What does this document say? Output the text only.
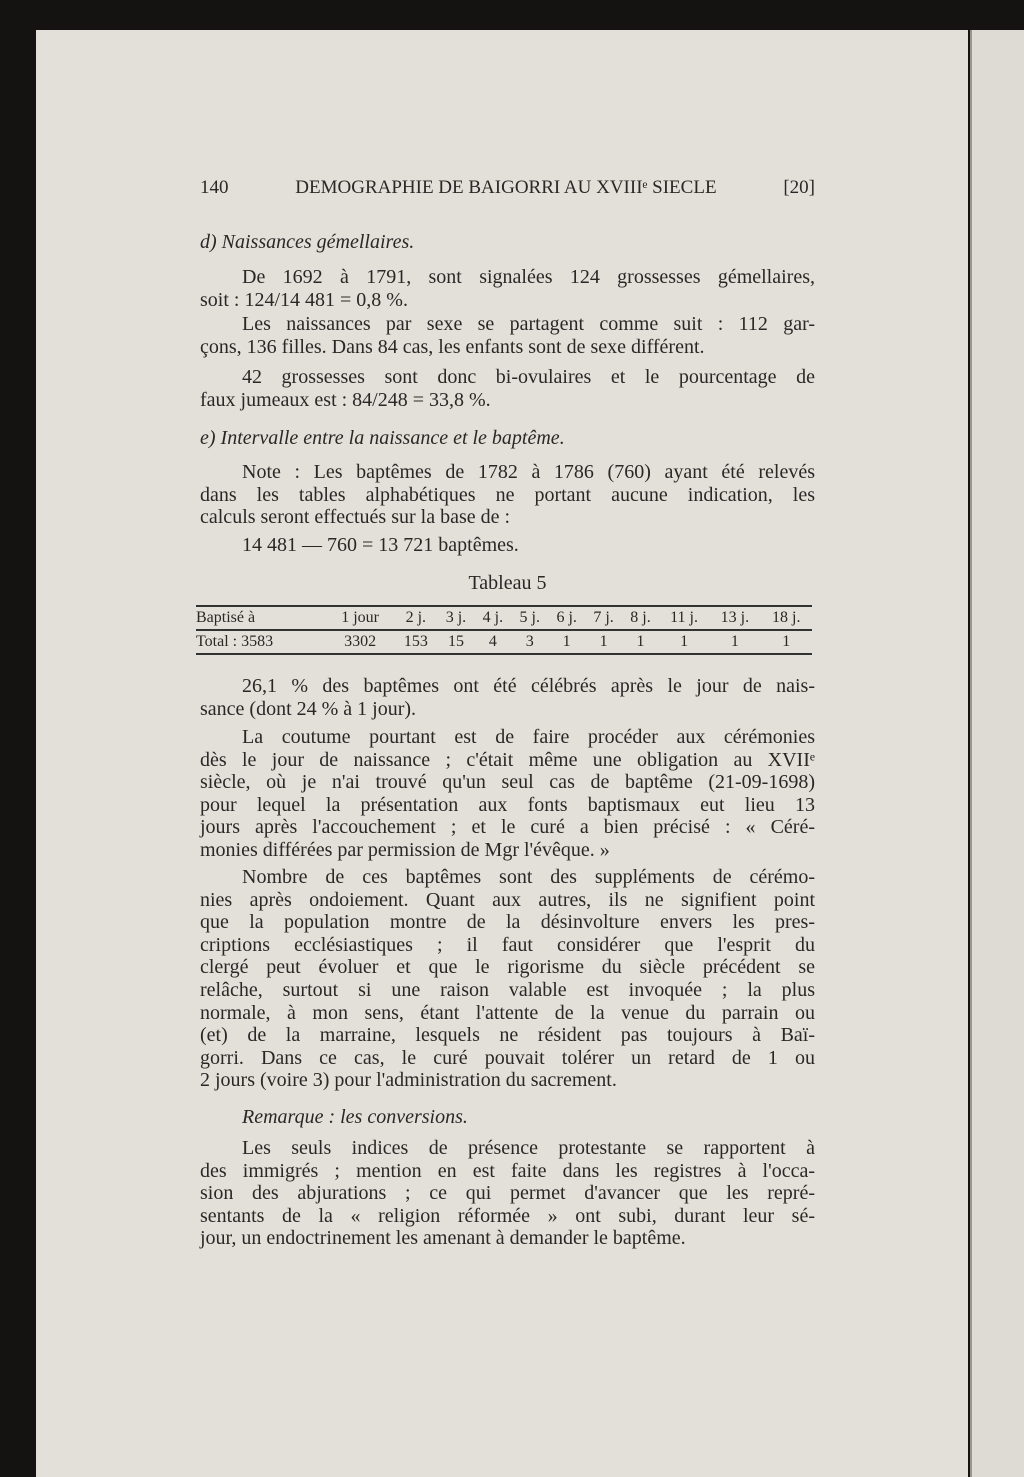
140	DEMOGRAPHIE DE BAIGORRI AU XVIIIᵉ SIECLE	[20]
d) Naissances gémellaires.
De 1692 à 1791, sont signalées 124 grossesses gémellaires,
soit : 124/14 481 = 0,8 %.
Les naissances par sexe se partagent comme suit : 112 gar-
çons, 136 filles. Dans 84 cas, les enfants sont de sexe différent.
42 grossesses sont donc bi-ovulaires et le pourcentage de
faux jumeaux est : 84/248 = 33,8 %.
e) Intervalle entre la naissance et le baptême.
Note : Les baptêmes de 1782 à 1786 (760) ayant été relevés
dans les tables alphabétiques ne portant aucune indication, les
calculs seront effectués sur la base de :
14 481 — 760 = 13 721 baptêmes.
26,1 % des baptêmes ont été célébrés après le jour de nais-
sance (dont 24 % à 1 jour).
La coutume pourtant est de faire procéder aux cérémonies
dès le jour de naissance ; c'était même une obligation au XVIIᵉ
siècle, où je n'ai trouvé qu'un seul cas de baptême (21-09-1698)
pour lequel la présentation aux fonts baptismaux eut lieu 13
jours après l'accouchement ; et le curé a bien précisé : « Céré-
monies différées par permission de Mgr l'évêque. »
Nombre de ces baptêmes sont des suppléments de cérémo-
nies après ondoiement. Quant aux autres, ils ne signifient point
que la population montre de la désinvolture envers les pres-
criptions ecclésiastiques ; il faut considérer que l'esprit du
clergé peut évoluer et que le rigorisme du siècle précédent se
relâche, surtout si une raison valable est invoquée ; la plus
normale, à mon sens, étant l'attente de la venue du parrain ou
(et) de la marraine, lesquels ne résident pas toujours à Baï-
gorri. Dans ce cas, le curé pouvait tolérer un retard de 1 ou
2 jours (voire 3) pour l'administration du sacrement.
Remarque : les conversions.
Les seuls indices de présence protestante se rapportent à
des immigrés ; mention en est faite dans les registres à l'occa-
sion des abjurations ; ce qui permet d'avancer que les repré-
sentants de la « religion réformée » ont subi, durant leur sé-
jour, un endoctrinement les amenant à demander le baptême.
Tableau 5
Baptisé à	1 jour	2 j.	3 j.	4 j.	5 j.	6 j.	7 j.	8 j.	11 j.	13 j.	18 j.
Total : 3583	3302	153	15	4	3	1	1	1	1	1	1
